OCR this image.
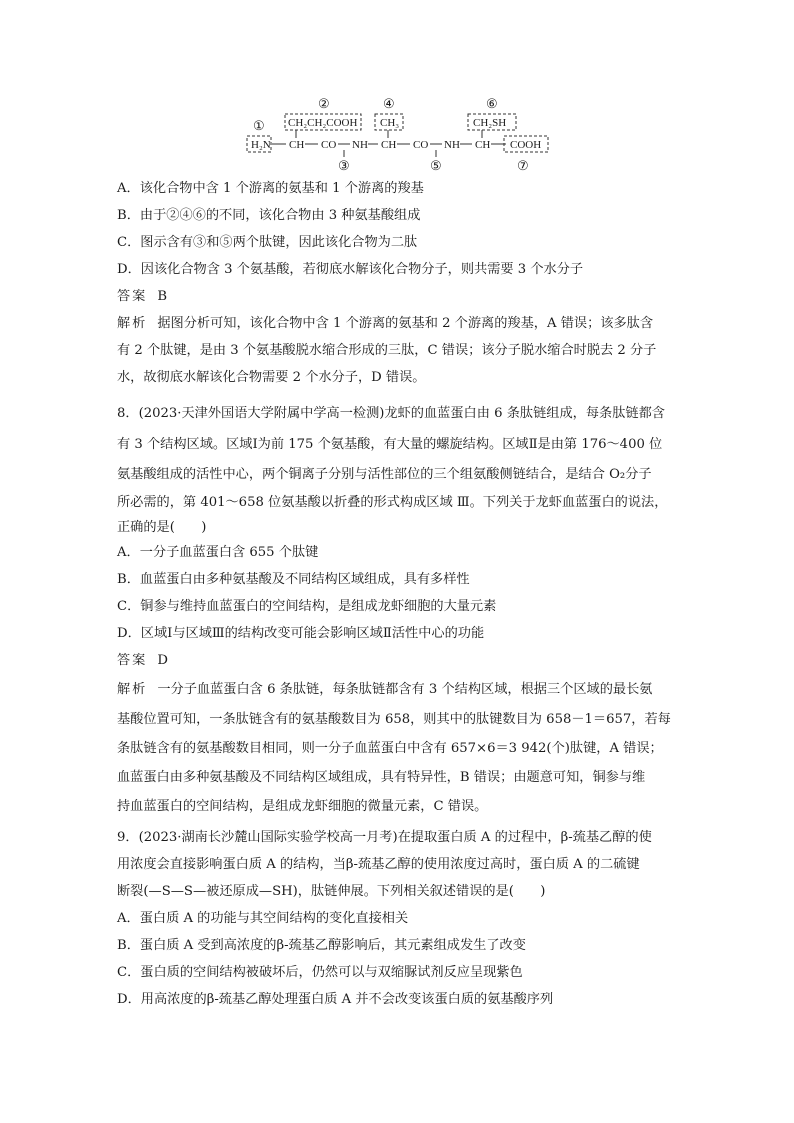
①
②
③
④
⑤
⑥
⑦
H₂N
CH₂CH₂COOH CH₃	CH₂SH
CH CO NH CH CO NH CH COOH
A．该化合物中含 1 个游离的氨基和 1 个游离的羧基
B．由于②④⑥的不同，该化合物由 3 种氨基酸组成
C．图示含有③和⑤两个肽键，因此该化合物为二肽
D．因该化合物含 3 个氨基酸，若彻底水解该化合物分子，则共需要 3 个水分子
答案 B
解析 据图分析可知，该化合物中含 1 个游离的氨基和 2 个游离的羧基，A 错误；该多肽含
有 2 个肽键，是由 3 个氨基酸脱水缩合形成的三肽，C 错误；该分子脱水缩合时脱去 2 分子
水，故彻底水解该化合物需要 2 个水分子，D 错误。
8．(2023·天津外国语大学附属中学高一检测)龙虾的血蓝蛋白由 6 条肽链组成，每条肽链都含
有 3 个结构区域。区域Ⅰ为前 175 个氨基酸，有大量的螺旋结构。区域Ⅱ是由第 176～400 位
氨基酸组成的活性中心，两个铜离子分别与活性部位的三个组氨酸侧链结合，是结合 O₂分子
所必需的，第 401～658 位氨基酸以折叠的形式构成区域 Ⅲ。下列关于龙虾血蓝蛋白的说法，
正确的是(　　)
A．一分子血蓝蛋白含 655 个肽键
B．血蓝蛋白由多种氨基酸及不同结构区域组成，具有多样性
C．铜参与维持血蓝蛋白的空间结构，是组成龙虾细胞的大量元素
D．区域Ⅰ与区域Ⅲ的结构改变可能会影响区域Ⅱ活性中心的功能
答案 D
解析 一分子血蓝蛋白含 6 条肽链，每条肽链都含有 3 个结构区域，根据三个区域的最长氨
基酸位置可知，一条肽链含有的氨基酸数目为 658，则其中的肽键数目为 658－1＝657，若每
条肽链含有的氨基酸数目相同，则一分子血蓝蛋白中含有 657×6＝3 942(个)肽键，A 错误；
血蓝蛋白由多种氨基酸及不同结构区域组成，具有特异性，B 错误；由题意可知，铜参与维
持血蓝蛋白的空间结构，是组成龙虾细胞的微量元素，C 错误。
9．(2023·湖南长沙麓山国际实验学校高一月考)在提取蛋白质 A 的过程中，β-巯基乙醇的使
用浓度会直接影响蛋白质 A 的结构，当β-巯基乙醇的使用浓度过高时，蛋白质 A 的二硫键
断裂(—S—S—被还原成—SH)，肽链伸展。下列相关叙述错误的是(　　)
A．蛋白质 A 的功能与其空间结构的变化直接相关
B．蛋白质 A 受到高浓度的β-巯基乙醇影响后，其元素组成发生了改变
C．蛋白质的空间结构被破坏后，仍然可以与双缩脲试剂反应呈现紫色
D．用高浓度的β-巯基乙醇处理蛋白质 A 并不会改变该蛋白质的氨基酸序列
